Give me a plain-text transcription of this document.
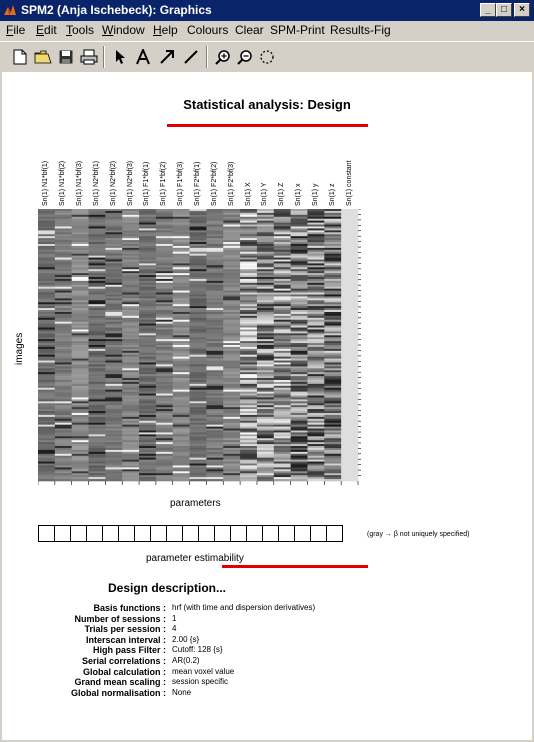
SPM2 (Anja Ischebeck): Graphics	_	□	×
File Edit Tools Window Help Colours Clear SPM-Print Results-Fig
Statistical analysis: Design
Sn(1) N1*bf(1) Sn(1) N1*bf(2) Sn(1) N1*bf(3) Sn(1) N2*bf(1) Sn(1) N2*bf(2) Sn(1) N2*bf(3) Sn(1) F1*bf(1) Sn(1) F1*bf(2) Sn(1) F1*bf(3) Sn(1) F2*bf(1) Sn(1) F2*bf(2) Sn(1) F2*bf(3) Sn(1) X Sn(1) Y Sn(1) Z Sn(1) x Sn(1) y Sn(1) z Sn(1) constant
images
parameters
(gray → β not uniquely specified)
parameter estimability
Design description...
Basis functions : hrf (with time and dispersion derivatives)
Number of sessions : 1
Trials per session : 4
Interscan interval : 2.00 {s}
High pass Filter : Cutoff: 128 {s}
Serial correlations : AR(0.2)
Global calculation : mean voxel value
Grand mean scaling : session specific
Global normalisation : None
